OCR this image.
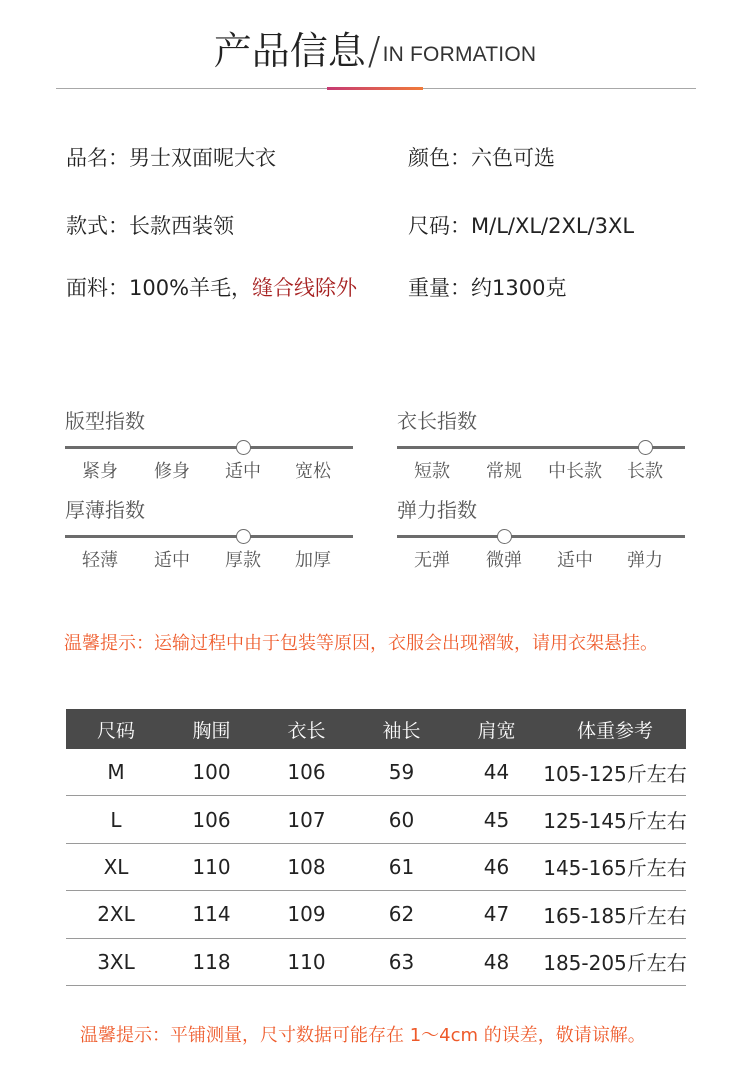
产品信息/IN FORMATION
品名：男士双面呢大衣	颜色：六色可选
款式：长款西装领	尺码：M/L/XL/2XL/3XL
面料：100%羊毛，缝合线除外 重量：约1300克
版型指数
紧身 修身 适中 宽松
衣长指数
短款 常规 中长款 长款
厚薄指数
轻薄 适中 厚款 加厚
弹力指数
无弹 微弹 适中 弹力
温馨提示：运输过程中由于包装等原因，衣服会出现褶皱，请用衣架悬挂。
尺码	胸围	衣长	袖长	肩宽	体重参考
M	100	106	59	44	105-125斤左右
L	106	107	60	45	125-145斤左右
XL	110	108	61	46	145-165斤左右
2XL	114	109	62	47	165-185斤左右
3XL	118	110	63	48	185-205斤左右
温馨提示：平铺测量，尺寸数据可能存在 1～4cm 的误差，敬请谅解。
